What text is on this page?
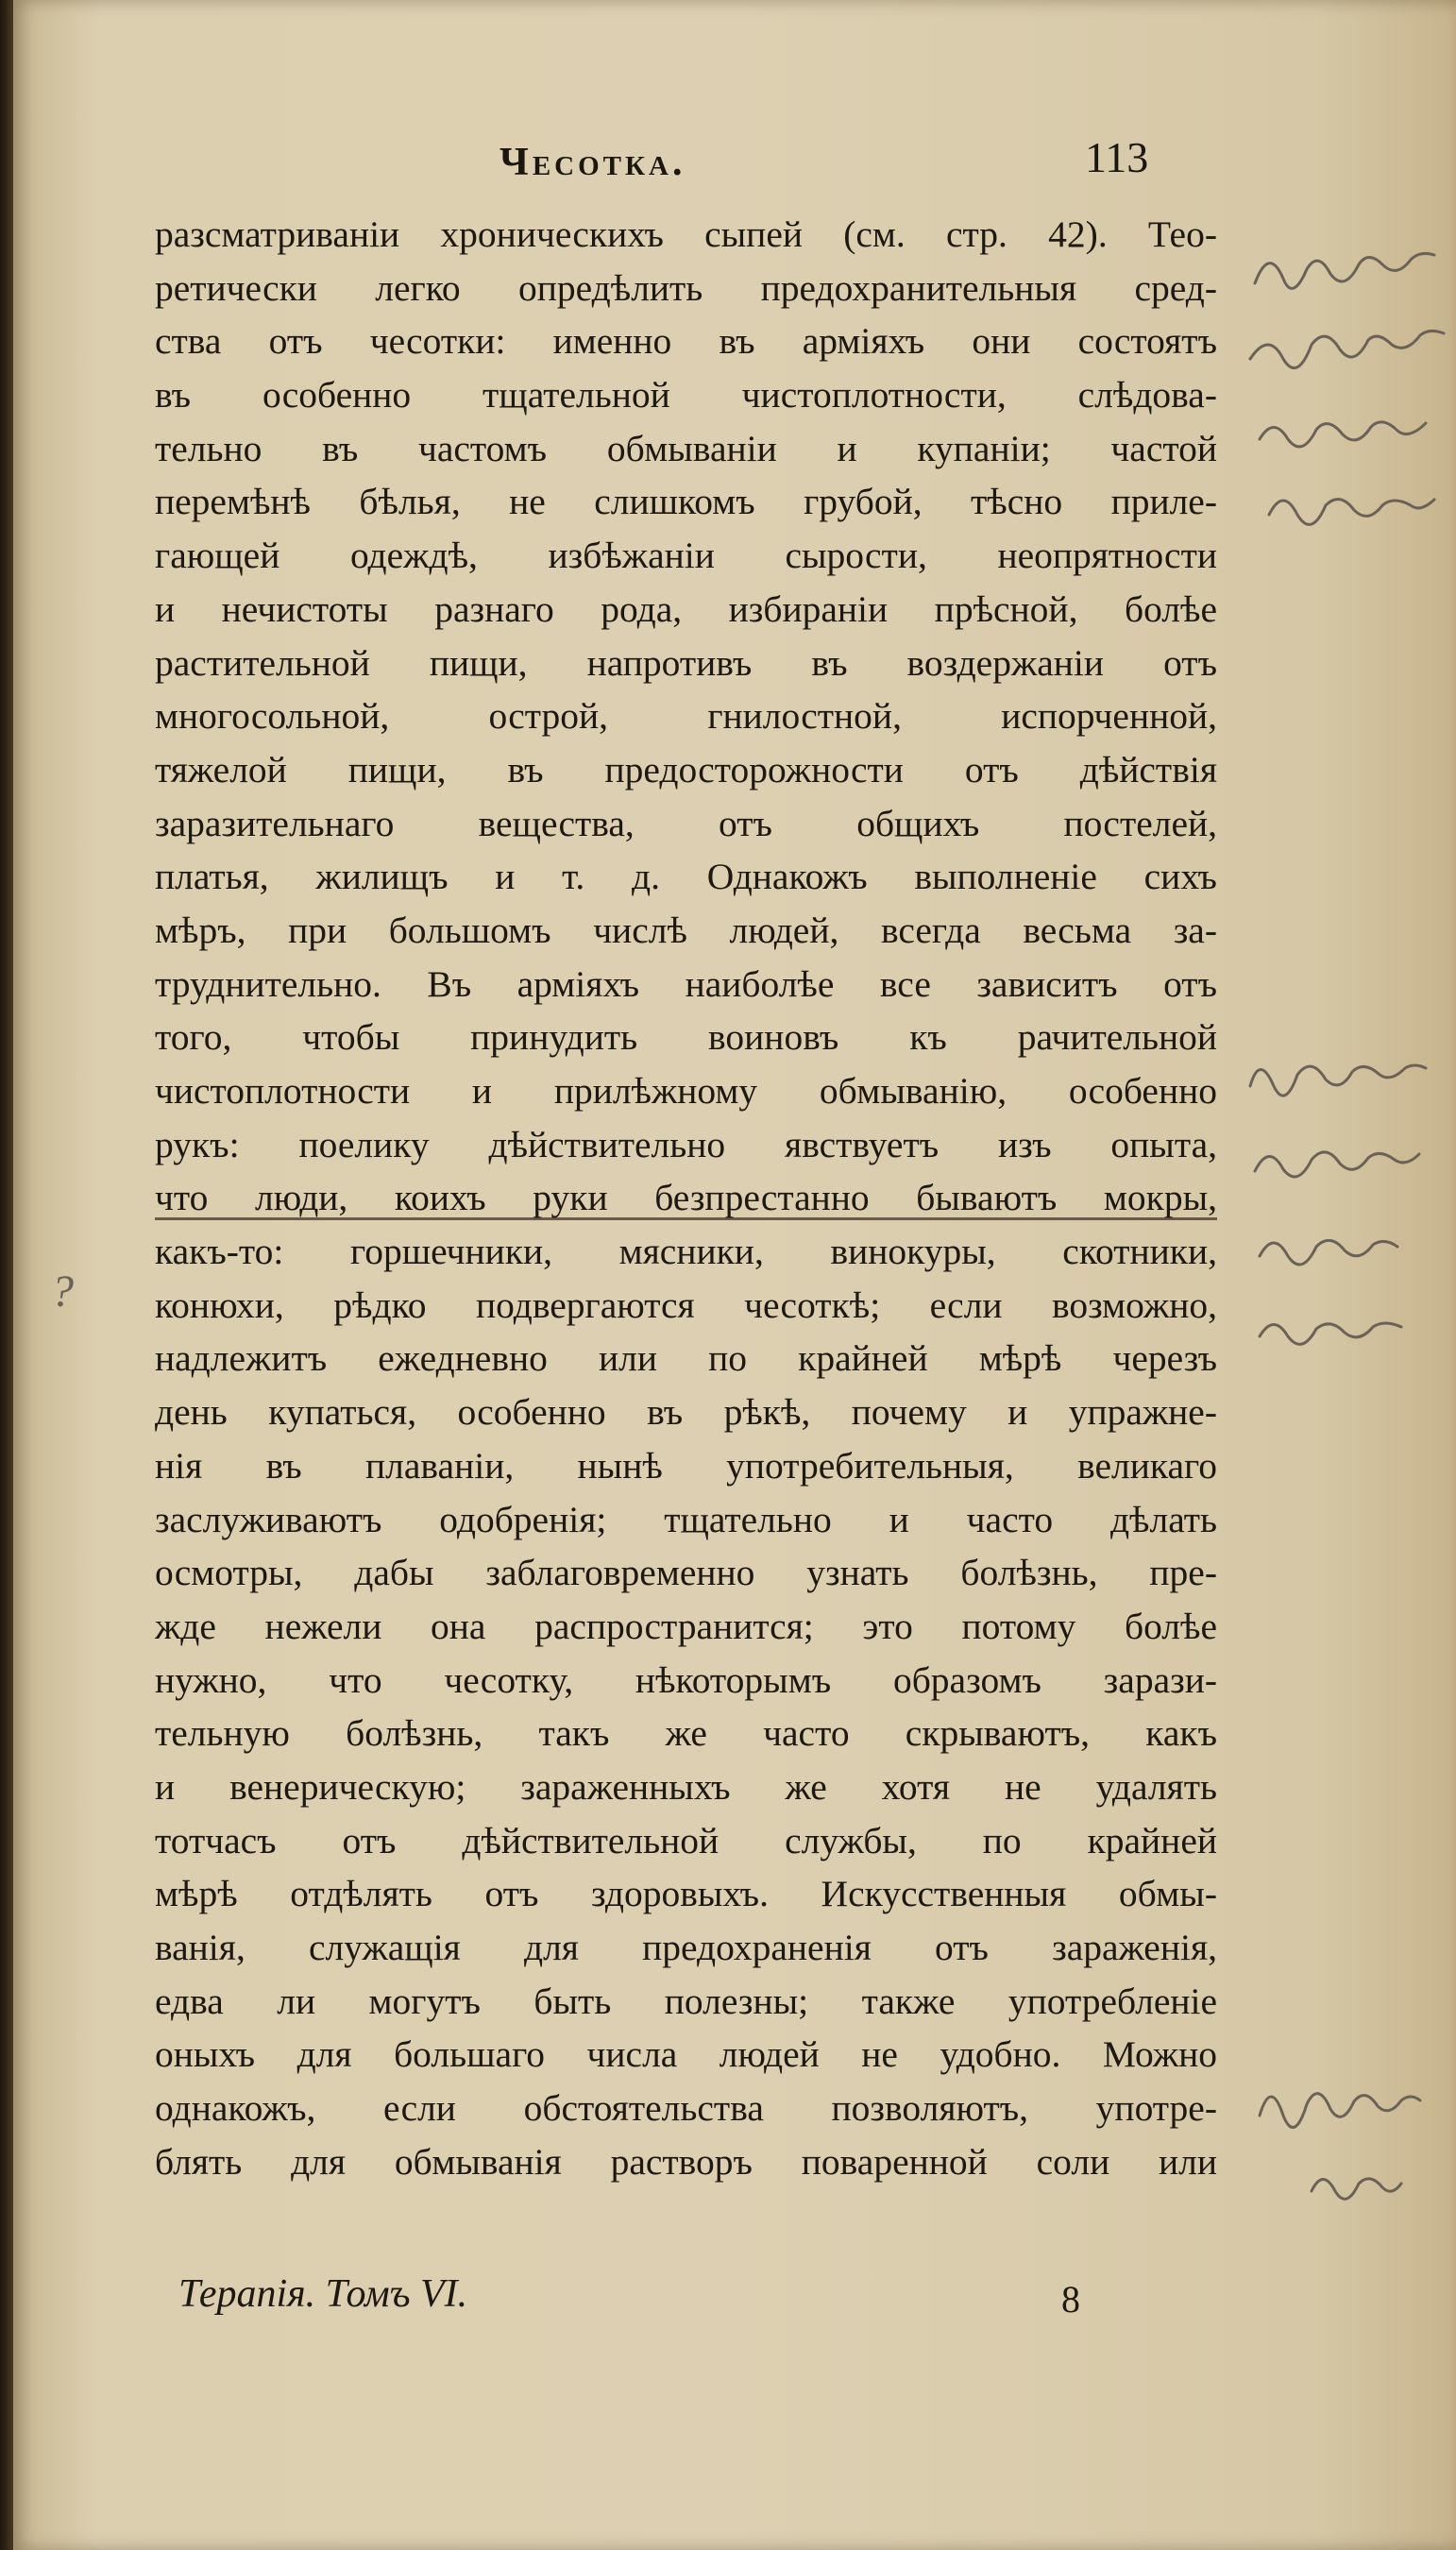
Чесотка.	113
разсматриваніи хроническихъ сыпей (см. стр. 42). Тео-
ретически легко опредѣлить предохранительныя сред-
ства отъ чесотки: именно въ арміяхъ они состоятъ
въ особенно тщательной чистоплотности, слѣдова-
тельно въ частомъ обмываніи и купаніи; частой
перемѣнѣ бѣлья, не слишкомъ грубой, тѣсно приле-
гающей одеждѣ, избѣжаніи сырости, неопрятности
и нечистоты разнаго рода, избираніи прѣсной, болѣе
растительной пищи, напротивъ въ воздержаніи отъ
многосольной, острой, гнилостной, испорченной,
тяжелой пищи, въ предосторожности отъ дѣйствія
заразительнаго вещества, отъ общихъ постелей,
платья, жилищъ и т. д. Однакожъ выполненіе сихъ
мѣръ, при большомъ числѣ людей, всегда весьма за-
труднительно. Въ арміяхъ наиболѣе все зависитъ отъ
того, чтобы принудить воиновъ къ рачительной
чистоплотности и прилѣжному обмыванію, особенно
рукъ: поелику дѣйствительно явствуетъ изъ опыта,
что люди, коихъ руки безпрестанно бываютъ мокры,
какъ-то: горшечники, мясники, винокуры, скотники,
конюхи, рѣдко подвергаются чесоткѣ; если возможно,
надлежитъ ежедневно или по крайней мѣрѣ черезъ
день купаться, особенно въ рѣкѣ, почему и упражне-
нія въ плаваніи, нынѣ употребительныя, великаго
заслуживаютъ одобренія; тщательно и часто дѣлать
осмотры, дабы заблаговременно узнать болѣзнь, пре-
жде нежели она распространится; это потому болѣе
нужно, что чесотку, нѣкоторымъ образомъ зарази-
тельную болѣзнь, такъ же часто скрываютъ, какъ
и венерическую; зараженныхъ же хотя не удалять
тотчасъ отъ дѣйствительной службы, по крайней
мѣрѣ отдѣлять отъ здоровыхъ. Искусственныя обмы-
ванія, служащія для предохраненія отъ зараженія,
едва ли могутъ быть полезны; также употребленіе
оныхъ для большаго числа людей не удобно. Можно
однакожъ, если обстоятельства позволяютъ, употре-
блять для обмыванія растворъ поваренной соли или
Терапія. Томъ VI.	8
?
